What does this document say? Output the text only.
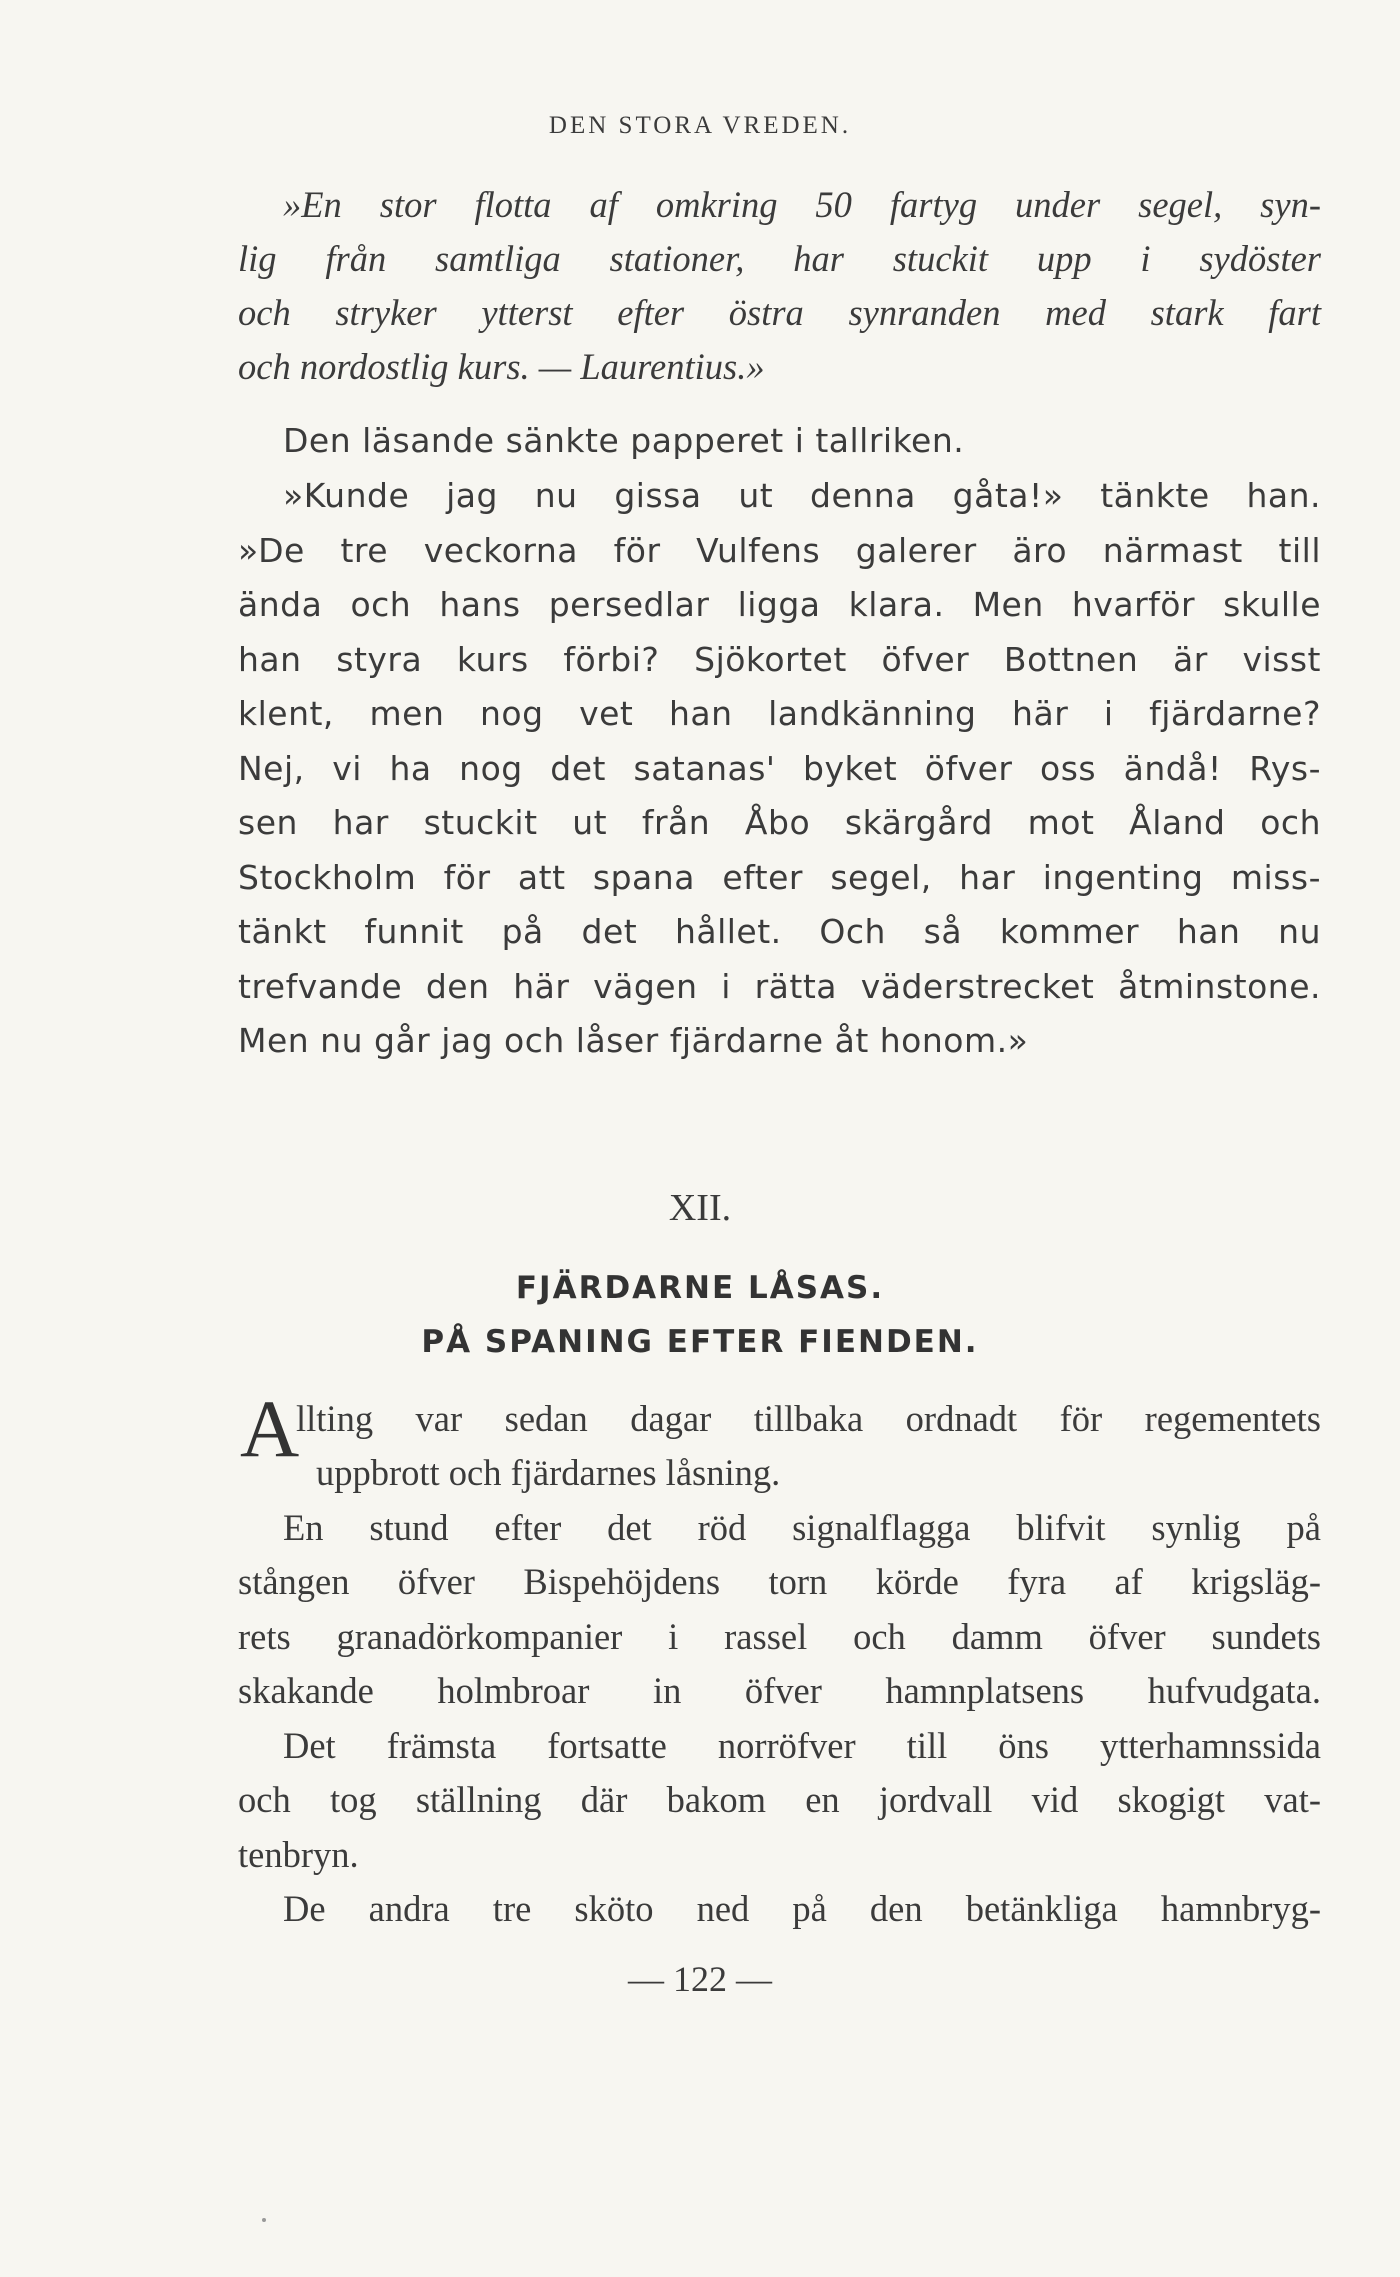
DEN STORA VREDEN.
»En stor flotta af omkring 50 fartyg under segel, syn-
lig från samtliga stationer, har stuckit upp i sydöster
och stryker ytterst efter östra synranden med stark fart
och nordostlig kurs. — Laurentius.»
Den läsande sänkte papperet i tallriken.
»Kunde jag nu gissa ut denna gåta!» tänkte han.
»De tre veckorna för Vulfens galerer äro närmast till
ända och hans persedlar ligga klara. Men hvarför skulle
han styra kurs förbi? Sjökortet öfver Bottnen är visst
klent, men nog vet han landkänning här i fjärdarne?
Nej, vi ha nog det satanas' byket öfver oss ändå! Rys-
sen har stuckit ut från Åbo skärgård mot Åland och
Stockholm för att spana efter segel, har ingenting miss-
tänkt funnit på det hållet. Och så kommer han nu
trefvande den här vägen i rätta väderstrecket åtminstone.
Men nu går jag och låser fjärdarne åt honom.»
XII.
FJÄRDARNE LÅSAS.
PÅ SPANING EFTER FIENDEN.
A
llting var sedan dagar tillbaka ordnadt för regementets
uppbrott och fjärdarnes låsning.
En stund efter det röd signalflagga blifvit synlig på
stången öfver Bispehöjdens torn körde fyra af krigsläg-
rets granadörkompanier i rassel och damm öfver sundets
skakande holmbroar in öfver hamnplatsens hufvudgata.
Det främsta fortsatte norröfver till öns ytterhamnssida
och tog ställning där bakom en jordvall vid skogigt vat-
tenbryn.
De andra tre sköto ned på den betänkliga hamnbryg-
— 122 —
